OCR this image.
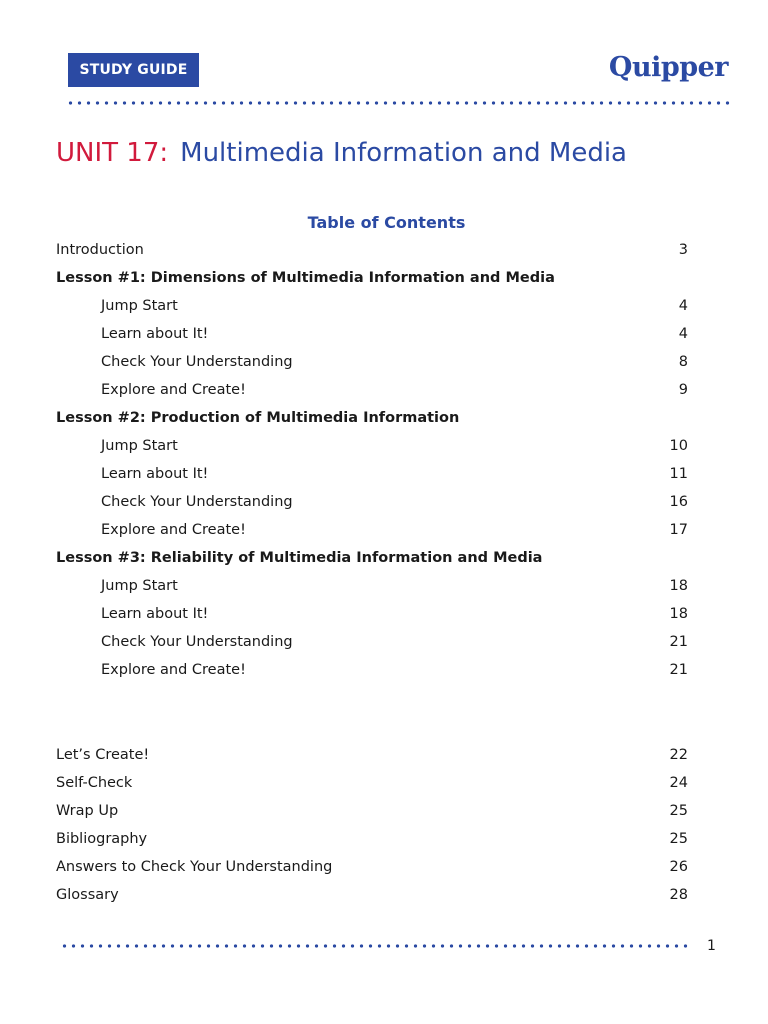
STUDY GUIDE	Quipper
UNIT 17: Multimedia Information and Media
Table of Contents
Introduction	3
Lesson #1: Dimensions of Multimedia Information and Media
Jump Start	4
Learn about It!	4
Check Your Understanding	8
Explore and Create!	9
Lesson #2: Production of Multimedia Information
Jump Start	10
Learn about It!	11
Check Your Understanding	16
Explore and Create!	17
Lesson #3: Reliability of Multimedia Information and Media
Jump Start	18
Learn about It!	18
Check Your Understanding	21
Explore and Create!	21
Let’s Create!	22
Self-Check	24
Wrap Up	25
Bibliography	25
Answers to Check Your Understanding	26
Glossary	28
1
